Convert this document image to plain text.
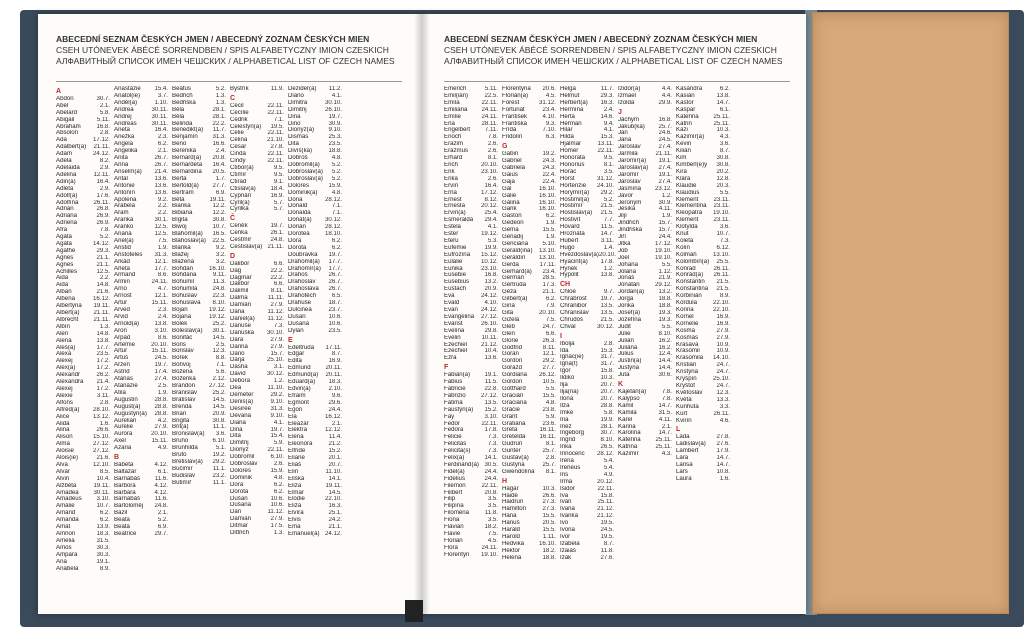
ABECEDNÍ SEZNAM ČESKÝCH JMEN / ABECEDNÝ ZOZNAM ČESKÝCH MIEN
CSEH UTÓNEVEK ÁBÉCÉ SORRENDBEN / SPIS ALFABETYCZNY IMION CZESKICH
АЛФАВИТНЫЙ СПИСОК ИМЕН ЧЕШСКИХ / ALPHABETICAL LIST OF CZECH NAMES
A
Abdon	30.7.
Abel	2.1.
Abelard	5.8.
Abigail	5.11.
Abraham	16.8.
Absolon	2.8.
Ada	17.12.
Adalbert(a) 21.11.
Adam	24.12.
Adéla	8.2.
Adelaida	2.9.
Adelina	12.11.
Adin(a)	16.4.
Adléta	2.9.
Adolf(a)	17.6.
Adolfína 26.11.
Adrian	26.8.
Adriána	26.9.
Adriena	26.9.
Afra	7.8.
Agáta	5.2.
Agáta	14.12.
Agathe	29.3.
Agnes	21.1.
Agnes	21.1.
Achilles	12.5.
Aida	2.2.
Aida	14.8.
Alban	21.6.
Albena	16.12.
Albertýna 19.11.
Albert(a) 21.11.
Albrecht 21.11.
Albín	1.3.
Alen	14.8.
Alena	13.8.
Aleš(a)	17.7.
Alexa	23.5.
Alexej	17.2.
Alex(a)	17.2.
Alexandr	26.2.
Alexandra 21.4.
Alexej	17.2.
Alexie	3.11.
Alfons	2.8.
Alfréd(a) 28.10.
Alice	13.12.
Alida	1.6.
Alina	26.6.
Alison	15.10.
Alma	27.12.
Aloisie	27.12.
Alois(ie)	21.6.
Alva	12.10.
Alvar	8.5.
Alvin	10.4.
Alžběta	19.11.
Amadea 30.11.
Amadeus 3.10.
Amálie	10.7.
Amand	6.2.
Amanda	6.2.
Amát	13.9.
Amnon	18.3.
Amelia	31.5.
Amos	30.3.
Ampara	30.3.
Ana	19.1.
Anabela	8.9.
Anastázie 15.4.
Anatol(ie)	3.7.
Anděl(a)	1.10.
Andrea	30.11.
Andrej	30.11.
Andreas 30.11.
Aneta	16.4.
Anežka	2.3.
Angela	6.2.
Angelika	2.1.
Anita	26.7.
Anna	26.7.
Anselm(a) 21.4.
Antal	13.6.
Antonie	13.6.
Antonín	13.6.
Apolena	9.2.
Arabela	2.2.
Aram	2.2.
Aranka	30.1.
Aranko	12.5.
Ariana	12.5.
Ariel(a)	7.5.
Aristid	1.9.
Aristoteles 31.3.
Arkád	12.1.
Arleta	17.7.
Armand	8.6.
Armin	24.11.
Arno	4.7.
Arnošt	12.1.
Artur	15.11.
Arved	2.3.
Arvid	2.4.
Arnold(a)	13.8.
Aron	3.10.
Arpád	8.6.
Artemie	20.10.
Artur	15.11.
Artuš	24.5.
Arzen	19.7.
Astrid	17.4.
Atanas	27.4.
Atanázie	2.5.
Atila	1.9.
Augustin	28.8.
August(a) 28.8.
Augustýn(a) 28.8.
Aurelián	4.2.
Aurelie	27.9.
Aurora	20.10.
Axel	15.11.
Azaria	4.9.
B
Babeta	4.12.
Baltazar	6.1.
Barnabáš 11.6.
Barbora	4.12.
Barbara	4.12.
Barnabáš 11.6.
Bartoloměj 24.8.
Bazil	2.1.
Beata	5.2.
Beáta	6.9.
Beatrice	29.7.
Beatus	5.2.
Bedřich	1.3.
Bedřiška	1.3.
Běla	28.1.
Běla	28.1.
Belinda	22.2.
Benedikt(a) 11.7.
Benjamín 31.3.
Beno	16.6.
Berenika	2.4.
Bernard(a) 20.8.
Bernardeta 16.4.
Bernardina 20.5.
Berta	1.7.
Bertold(a) 27.7.
Bertram	6.9.
Běta	19.11.
Bianka	12.2.
Bibiana	12.2.
Bígita	30.8.
Biwoj	10.7.
Blahomil(a) 16.5.
Blahoslav(a) 22.5.
Blanka	9.2.
Blažej	3.2.
Blažena	3.2.
Bohdan	16.10.
Bohdana	9.11.
Bohumil	11.3.
Bohumila 24.8.
Bohuslav	22.3.
Bohuslava 8.10.
Bojan	19.12.
Bojana	19.12.
Bolek	25.2.
Boleslav(a) 30.1.
Bonifác	14.5.
Boris	2.5.
Borislav	12.3.
Bořek	8.8.
Bořivoj	7.1.
Božena	5.6.
Boženka	2.12.
Brandon 27.12.
Branislav	25.2.
Bratislav	14.5.
Brenda	14.5.
Brian	20.9.
Brigita	30.8.
Brit(a)	11.1.
Bronislav(a) 3.6.
Bruno	6.10.
Brunhilda	5.1.
Bruto	19.2.
Břetislav(a) 29.2.
Bučimír	11.1.
Budislav	23.2.
Butimíř	11.1.
Bystrík	11.9.
C
Cecil	22.11.
Cecílie	22.11.
Cedrik	7.1.
Celestýn(a) 19.5.
Celie	22.11.
Celina	21.10.
César	27.8.
Cinda	22.11.
Cindy	22.11.
Ctibor(a)	9.5.
Ctimír	9.5.
Ctirad	9.1.
Ctislav(a) 18.4.
Cyprián	16.9.
Cyril(a)	5.7.
Cyrilka	5.7.
Č
Čeněk	19.7.
Čenka	26.1.
Čestmír	24.8.
Čestislav(a) 21.11.
D
Dalibor	6.6.
Dag	22.2.
Dagmar	22.2.
Dalibor	6.6.
Dalimil	8.11.
Dalma	11.11.
Damián	27.9.
Dana	11.12.
Daniel(a) 11.12.
Danuše	7.3.
Danuška 30.10.
Dara	27.9.
Darina	27.9.
Dario	15.7.
Darja	25.10.
Dasha	3.1.
David	30.12.
Debora	1.2.
Dea	11.10.
Demeter	29.2.
Denis(a)	9.10.
Desiree	31.3.
Devana	9.10.
Diana	4.1.
Dina	19.7.
Dita	15.4.
Dimitrij	5.9.
Dionýz	22.11.
Dobromil	6.10.
Dobroslav	2.6.
Dolores	15.9.
Dominik	4.8.
Dora	6.2.
Dorota	6.2.
Dušan	10.6.
Dušana	10.6.
Dan	11.12.
Damian	27.9.
Ditmar	17.5.
Dittrich	1.3.
Dezider(a) 11.2.
Diano	4.1.
Dimitra	30.10.
Dimitrij	26.10.
Dina	19.7.
Dino	30.9.
Dionýz(a) 9.10.
Dismas	25.3.
Dita	23.5.
Divíš(ka)	18.8.
Dobroš	4.8.
Dobromil(a) 5.2.
Dobroslav(a) 5.2.
Dobroslav(a) 5.2.
Dolores	15.9.
Dominik(a) 4.8.
Dona	28.12.
Donald	7.1.
Donalda	7.1.
Donát(a) 30.12.
Dorián	28.12.
Dorotea	18.10.
Dora	6.2.
Dorota	6.2.
Doubravka 19.7.
Drahomil(a) 17.7.
Drahomír(a) 17.7.
Drahoš	26.7.
Drahoslav 26.7.
Drahoslava 26.7.
Drahotěch	6.5.
Drahuše	18.7.
Dulcinea	23.7.
Dušan	10.6.
Dušana	10.6.
Dylan	23.5.
E
Edeltruda 17.11.
Edgar	8.7.
Edita	16.9.
Edmund 20.11.
Edmund(a) 20.11.
Eduard(a) 18.3.
Edvin(a)	2.10.
Efraim	9.6.
Egmont	29.6.
Egon	24.4.
Ela	16.12.
Eleazar	2.1.
Elektra	12.12.
Elena	11.4.
Eleonora	21.2.
Elfride	15.2.
Eliane	20.1.
Eliáš	20.7.
Elin	11.10.
Eliška	14.1.
Eliza	19.11.
Elmar	14.5.
Elodie	22.10.
Eliza	16.3.
Elvíra	25.1.
Elvis	24.2.
Ema	21.1.
Emanuel(a) 24.12.
ABECEDNÍ SEZNAM ČESKÝCH JMEN / ABECEDNÝ ZOZNAM ČESKÝCH MIEN
CSEH UTÓNEVEK ÁBÉCÉ SORRENDBEN / SPIS ALFABETYCZNY IMION CZESKICH
АЛФАВИТНЫЙ СПИСОК ИМЕН ЧЕШСКИХ / ALPHABETICAL LIST OF CZECH NAMES
Emerich	5.11.
Emil(ián)	22.5.
Emíla	22.11.
Emiliána 24.11.
Emílie	24.11.
Ena	28.11.
Engelbert 7.11.
Enoch	7.8.
Erazim	2.6.
Erazmus	2.6.
Erhard	8.1.
Erich	20.10.
Erik	23.10.
Erika	2.6.
Ervín	16.4.
Erna	17.12.
Ernest	8.12.
Ernesta	20.12.
Ervín(a)	25.4.
Esmeralda 29.4.
Estela	4.1.
Ester	19.12.
Ēteru	5.3.
Eufemie	19.9.
Eufrozína 15.12.
Eulálie	10.12.
Eunika	23.10.
Eusebie	16.8.
Eusebius	13.2.
Eustach	20.9.
Eva	24.12.
Evald	4.10.
Evan	24.12.
Evangelina 27.12.
Evarist	26.10.
Evelína	29.8.
Evelin	10.11.
Ezechiel 21.12.
Ezechiel	10.4.
Ezra	13.6.
F
Fabián(a) 19.1.
Fabius	11.5.
Fabricie	22.8.
Fabrizio	27.12.
Fatima	13.5.
Faustýn(a) 15.2.
Fay	3.10.
Fedor	22.11.
Fedora	17.8.
Felicie	7.3.
Felicitas	7.3.
Felicita(s)	7.3.
Felix(a)	14.1.
Ferdinand(a) 30.5.
Fidel(a)	24.4.
Fidelius	24.4.
Filemon	22.11.
Filibert	20.8.
Filip	3.5.
Filipína	3.5.
Filomena	11.8.
Fiona	3.5.
Flavián	18.2.
Flavie	7.5.
Florián	4.5.
Flóra	24.11.
Florentýn 19.10.
Florentýna 20.6.
Florián(a)	4.5.
Forest	31.12.
Fortunát	23.4.
František	4.10.
Františka	9.3.
Frída	7.10.
Fridolín	6.3.
G
Gabin	19.2.
Gabriel	24.3.
Gabriela	24.3.
Gaius	22.4.
Gaja	22.4.
Gál	16.10.
Galie	16.10.
Galina	16.10.
Garik	16.10.
Gaston	6.2.
Gedeon	1.9.
Gema	15.5.
Genadij	1.9.
Genciána 5.10.
Gerald(ina) 13.10.
Geraldín 13.10.
Gerda	17.11.
Gerhard(a) 23.4.
Germán	28.5.
Gertruda	17.3.
Géza	21.1.
Gilbert(a)	6.2.
Gina	7.9.
Gita	20.10.
Gizela	7.5.
Gleb	24.7.
Glen	6.6.
Glorie	26.3.
Godfrid	8.11.
Goran	12.1.
Gordon	29.2.
Gorazd	27.7.
Gordiána 26.12.
Gordon	10.5.
Gotthard	5.5.
Gracián	15.5.
Graciána	4.8.
Grácie	23.8.
Grant	5.9.
Gratiána	23.6.
Greta	16.11.
Gretelda 16.11.
Gudrun	8.1.
Gunter	25.7.
Gustav(a)	2.8.
Gustýna	25.7.
Gwendolína 8.1.
H
Hagar	10.3.
Haidé	26.6.
Haidrun	27.3.
Hamilton	27.3.
Hana	15.5.
Hanuš	20.5.
Harald	15.5.
Harold	1.11.
Hedvika 16.10.
Hektor	18.2.
Helena	18.8.
Helga	11.7.
Helmut	29.3.
Heřbert(a) 16.3.
Hermína	2.4.
Herta	14.6.
Heřman	9.4.
Hilar	4.1.
Hilda	15.3.
Hjalmar	13.11.
Homér	22.11.
Honorata	9.5.
Honorius	8.1.
Horác	3.5.
Horst	31.12.
Hortenzie 24.10.
Horymír(a) 29.2.
Hostimil(a) 5.2.
Hostimír	21.5.
Hostislav(a) 21.5.
Hostivít	7.7.
Hovard	11.5.
Hroznata	14.7.
Hubert	3.11.
Hugo	1.4.
Hvězdoslav(a) 20.10.
Hyacint(a) 17.8.
Hynek	1.2.
Hypolit	13.8.
CH
Chloe	9.7.
Chrabrost 19.7.
Chranibor 13.5.
Chranislav 13.5.
Chrudoš	21.5.
Chval	30.12.
I
Ibolja	2.8.
Ida	15.3.
Ignác(ie)	31.7.
Igna(t)	31.7.
Igor	15.8.
Ildiko	10.3.
Ilja	20.7.
Ilja(na)	20.7.
Ilona	20.7.
Ilza	28.8.
Imke	5.8.
Ina	19.9.
Inéz	28.1.
Ingeborg	30.7.
Ingrid	8.10.
Inka	26.5.
Innocenc 28.12.
Irena	5.4.
Ireneus	5.4.
Iris	4.9.
Irma	20.12.
Isidor	22.11.
Iva	15.8.
Ivan	25.11.
Ivana	21.12.
Ivanka	21.12.
Ivo	19.5.
Ivona	24.5.
Ivor	19.5.
Izabela	8.7.
Izaiáš	11.8.
Izák	27.6.
Izidor(a)	4.4.
Izmael	4.4.
Izolda	29.9.
J
Jáchym	16.8.
Jakub(ka) 25.7.
Jan	24.6.
Jana	24.5.
Jaroslav	27.4.
Jarmila	21.11.
Jaromír(a) 19.1.
Jaroslav(a) 27.4.
Jaromír	19.1.
Jaroslav	27.4.
Jasmína 23.12.
Javor	1.2.
Jeroným	30.9.
Jesika	4.11.
Jiljí	1.9.
Jindřich	15.7.
Jindřiška	15.7.
Jiří	24.4.
Jitka	17.12.
Job	19.10.
Joel	19.10.
Johana	5.5.
Jolana	1.12.
Jonáš	21.9.
Jonatán	29.12.
Jordan(a) 13.2.
Jorga	18.8.
Jorika	18.8.
Josef(a)	19.3.
Jozefína	19.3.
Judit	5.5.
Julie	8.10.
Julián	16.2.
Juliána	16.2.
Július	12.4.
Justin(a)	14.4.
Justýna	14.4.
Juta	30.6.
K
Kajetán(a)	7.8.
Kalypso	7.8.
Kamil	14.7.
Kamila	31.5.
Karel	4.11.
Karina	2.1.
Karolína	14.7.
Kateřina 25.11.
Katrina	25.11.
Kazimír	4.3.
Kasandra	6.2.
Kasián	13.8.
Kastor	14.7.
Kašpar	6.1.
Kateřina 25.11.
Katrin	25.11.
Kazi	10.3.
Kazimír(a)	4.3.
Kevin	3.6.
Kilián	8.7.
Kim	30.8.
Kimberl(e)y 30.8.
Kira	20.2.
Klára	12.8.
Klaudie	20.3.
Klaudius	5.5.
Klement 23.11.
Klementina 23.11.
Kleopatra 19.10.
Klement 23.11.
Klotylda	3.6.
Knut	10.7.
Koleta	7.3.
Kolín	6.12.
Kolman	13.10.
Kolombín(a) 25.5.
Konrad	26.11.
Konrád(a) 26.11.
Konstantin 21.5.
Konstantina 21.5.
Korbinián	8.9.
Kordula	22.10.
Korina	22.10.
Kornel	16.9.
Kornelie	16.9.
Kosma	27.9.
Kosmas	27.9.
Krasava	10.9.
Krasomil	10.9.
Krasomila 14.10.
Kristián	24.7.
Kristýna	24.7.
Kryšpín	25.10.
Kryštof	24.7.
Květoslav 12.3.
Květa	13.3.
Kunhuta	3.3.
Kurt	26.11.
Kvirín	4.6.
L
Lada	27.8.
Ladislav(a) 27.6.
Lambert	17.9.
Lara	14.7.
Larisa	14.7.
Lars	10.8.
Laura	1.6.
